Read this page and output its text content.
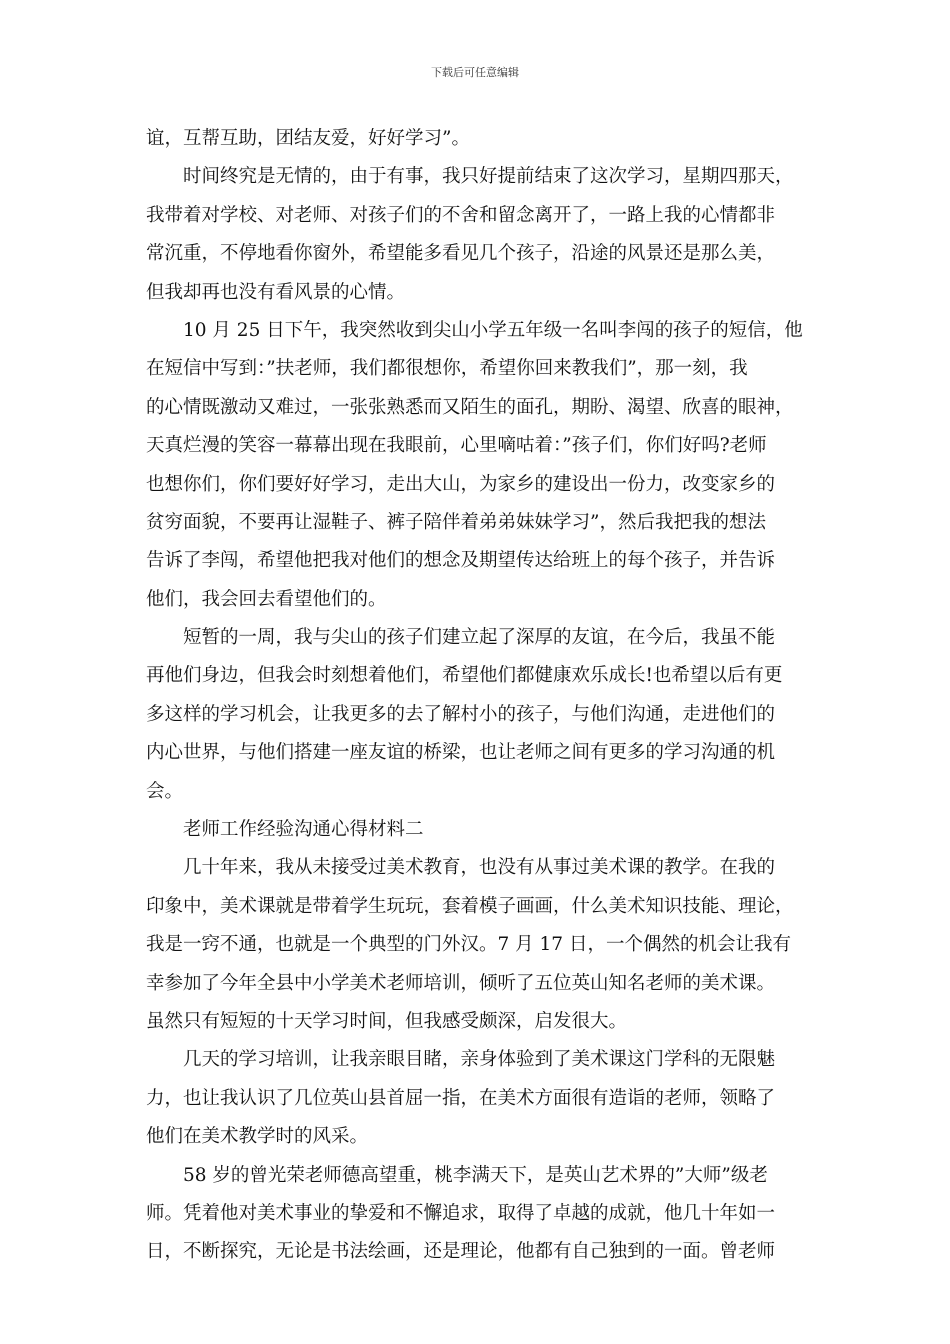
下载后可任意编辑
谊，互帮互助，团结友爱，好好学习”。
时间终究是无情的，由于有事，我只好提前结束了这次学习，星期四那天，
我带着对学校、对老师、对孩子们的不舍和留念离开了，一路上我的心情都非
常沉重，不停地看你窗外，希望能多看见几个孩子，沿途的风景还是那么美，
但我却再也没有看风景的心情。
10 月 25 日下午，我突然收到尖山小学五年级一名叫李闯的孩子的短信，他
在短信中写到：”扶老师，我们都很想你，希望你回来教我们”，那一刻，我
的心情既激动又难过，一张张熟悉而又陌生的面孔，期盼、渴望、欣喜的眼神，
天真烂漫的笑容一幕幕出现在我眼前，心里嘀咕着：”孩子们，你们好吗?老师
也想你们，你们要好好学习，走出大山，为家乡的建设出一份力，改变家乡的
贫穷面貌，不要再让湿鞋子、裤子陪伴着弟弟妹妹学习”，然后我把我的想法
告诉了李闯，希望他把我对他们的想念及期望传达给班上的每个孩子，并告诉
他们，我会回去看望他们的。
短暂的一周，我与尖山的孩子们建立起了深厚的友谊，在今后，我虽不能
再他们身边，但我会时刻想着他们，希望他们都健康欢乐成长!也希望以后有更
多这样的学习机会，让我更多的去了解村小的孩子，与他们沟通，走进他们的
内心世界，与他们搭建一座友谊的桥梁，也让老师之间有更多的学习沟通的机
会。
老师工作经验沟通心得材料二
几十年来，我从未接受过美术教育，也没有从事过美术课的教学。在我的
印象中，美术课就是带着学生玩玩，套着模子画画，什么美术知识技能、理论，
我是一窍不通，也就是一个典型的门外汉。7 月 17 日，一个偶然的机会让我有
幸参加了今年全县中小学美术老师培训，倾听了五位英山知名老师的美术课。
虽然只有短短的十天学习时间，但我感受颇深，启发很大。
几天的学习培训，让我亲眼目睹，亲身体验到了美术课这门学科的无限魅
力，也让我认识了几位英山县首屈一指，在美术方面很有造诣的老师，领略了
他们在美术教学时的风采。
58 岁的曾光荣老师德高望重，桃李满天下，是英山艺术界的”大师”级老
师。凭着他对美术事业的挚爱和不懈追求，取得了卓越的成就，他几十年如一
日，不断探究，无论是书法绘画，还是理论，他都有自己独到的一面。曾老师
